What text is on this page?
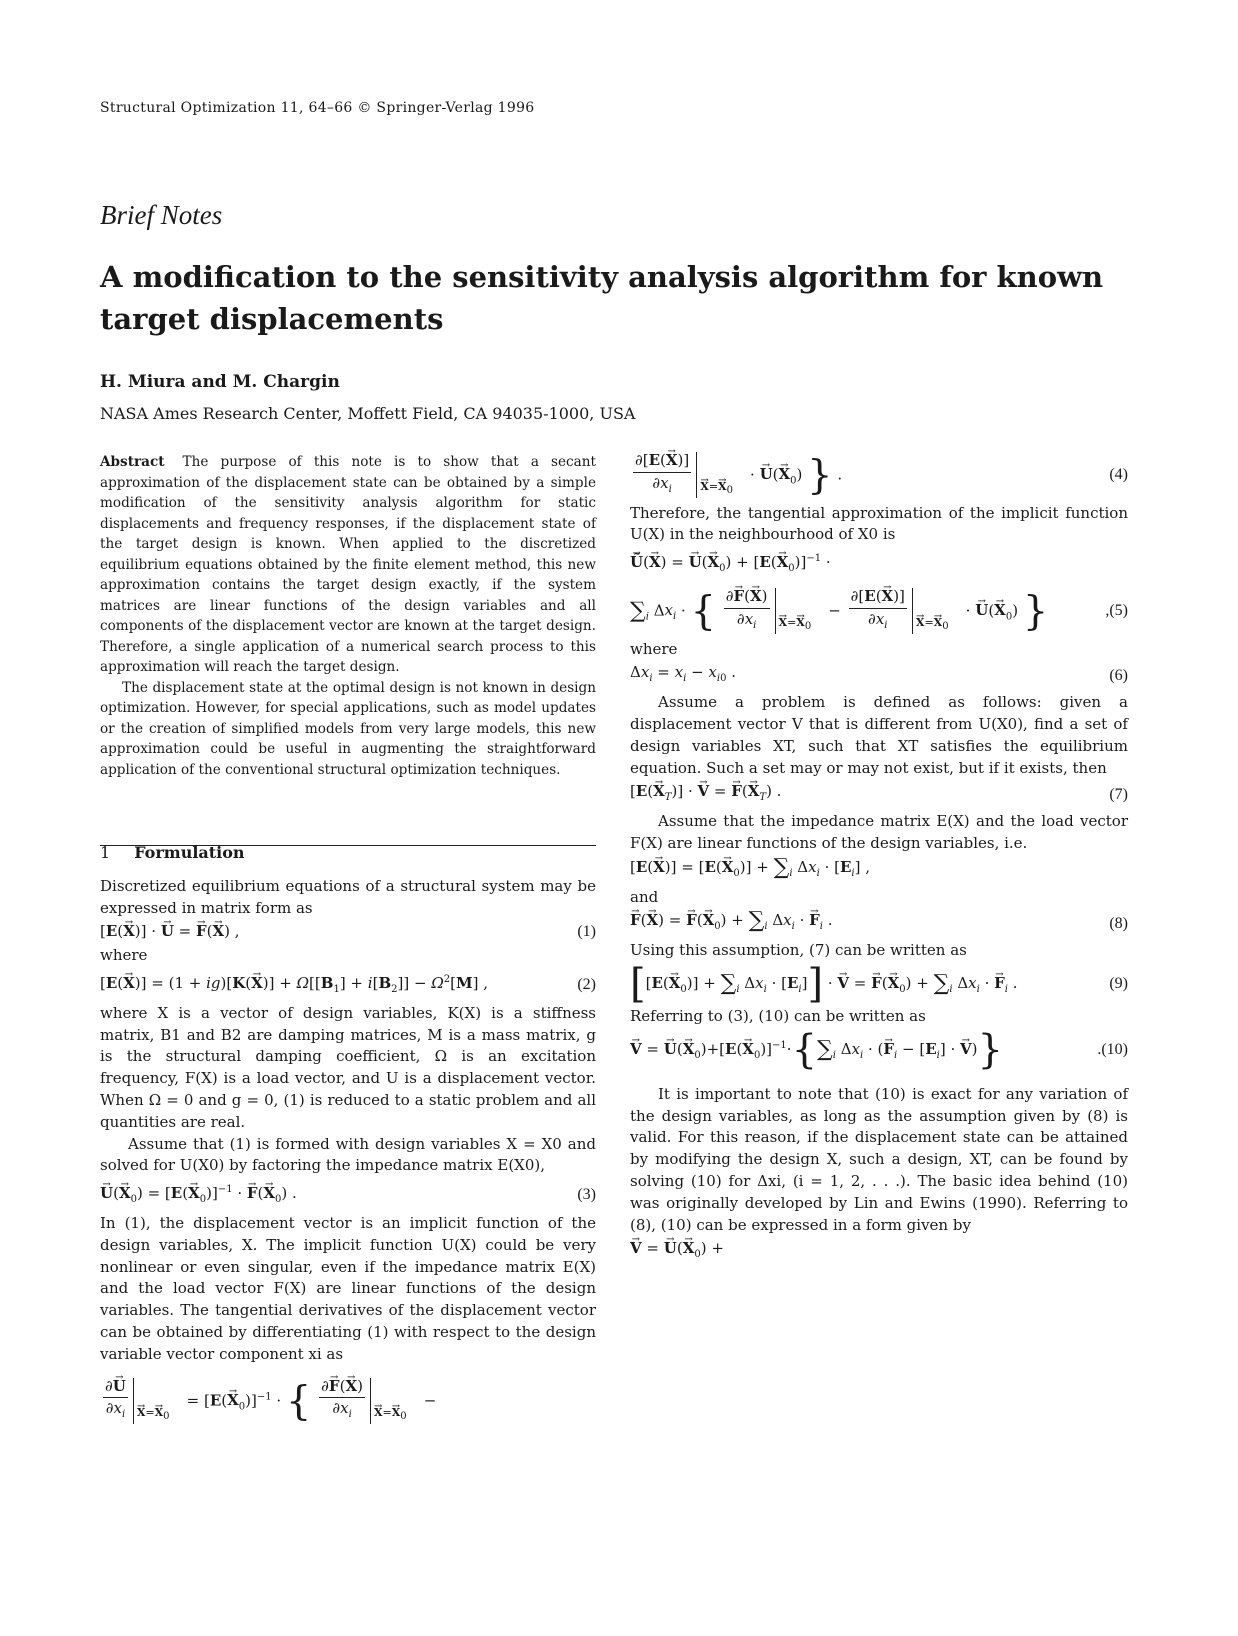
Structural Optimization 11, 64–66 © Springer-Verlag 1996
Brief Notes
A modification to the sensitivity analysis algorithm for known target displacements
H. Miura and M. Chargin
NASA Ames Research Center, Moffett Field, CA 94035-1000, USA

Abstract The purpose of this note is to show that a secant approximation of the displacement state can be obtained by a simple modification of the sensitivity analysis algorithm for static displacements and frequency responses, if the displacement state of the target design is known. When applied to the discretized equilibrium equations obtained by the finite element method, this new approximation contains the target design exactly, if the system matrices are linear functions of the design variables and all components of the displacement vector are known at the target design. Therefore, a single application of a numerical search process to this approximation will reach the target design.

The displacement state at the optimal design is not known in design optimization. However, for special applications, such as model updates or the creation of simplified models from very large models, this new approximation could be useful in augmenting the straightforward application of the conventional structural optimization techniques.

1 Formulation

Discretized equilibrium equations of a structural system may be expressed in matrix form as

[E(→ X)] · → U = → F(→ X) ,	(1)

where

$[E(\to X)] = (1 + ig)[K(\to X)] + \Omega[[B_1] + i[B_2]] - \Omega^2[M]$ ,	(2)

where X is a vector of design variables, K(X) is a stiffness matrix, B1 and B2 are damping matrices, M is a mass matrix, g is the structural damping coefficient, Ω is an excitation frequency, F(X) is a load vector, and U is a displacement vector. When Ω = 0 and g = 0, (1) is reduced to a static problem and all quantities are real.

Assume that (1) is formed with design variables X = X0 and solved for U(X0) by factoring the impedance matrix E(X0),

→ $U(\to X_0) = [E(\to X_0)]^{-1}$ · → $F(\to X_0)$ .	(3)

In (1), the displacement vector is an implicit function of the design variables, X. The implicit function U(X) could be very nonlinear or even singular, even if the impedance matrix E(X) and the load vector F(X) are linear functions of the design variables. The tangential derivatives of the displacement vector can be obtained by differentiating (1) with respect to the design variable vector component xi as

$\frac{\partial\to U}{\partial x_i}$
→ $X=\to X_0$
= $[E(\to X_0)]^{-1}$ · { $\frac{\partial\to F(\to X)}{\partial x_i}$
→ $X=\to X_0$
−
$\frac{\partial[E(\to X)]}{\partial x_i}$
→ $X=\to X_0$
· → $U(\to X_0)$ } .	(4)

Therefore, the tangential approximation of the implicit function U(X) in the neighbourhood of X0 is

→ Ũ(→ X) = → $U(\to X_0) + [E(\to X_0)]^{-1}$ ·
$\sum_i$ $\Delta x_i$ · { $\frac{\partial\to F(\to X)}{\partial x_i}$
→ $X=\to X_0$
− $\frac{\partial[E(\to X)]}{\partial x_i}$
→ $X=\to X_0$
· → $U(\to X_0)$ }	,(5)

where

$\Delta x_i = x_i - x_{i0}$ .	(6)

Assume a problem is defined as follows: given a displacement vector V that is different from U(X0), find a set of design variables XT, such that XT satisfies the equilibrium equation. Such a set may or may not exist, but if it exists, then

$[E(\to X_T)]$ · → V = → $F(\to X_T)$ .	(7)

Assume that the impedance matrix E(X) and the load vector F(X) are linear functions of the design variables, i.e.

$[E(\to X)] = [E(\to X_0)] + \sum_i$ $\Delta x_i \cdot [E_i]$ ,

and

→ F(→ X) = → $F(\to X_0) + \sum_i$ $\Delta x_i$ · → $F_i$ .	(8)

Using this assumption, (7) can be written as

[$[E(\to X_0)] + \sum_i$ $\Delta x_i \cdot [E_i]$] · → V = → $F(\to X_0) + \sum_i$ $\Delta x_i$ · → $F_i$ .	(9)

Referring to (3), (10) can be written as

→ V = → $U(\to X_0)+[E(\to X_0)]^{-1}\cdot\{\sum_i$ $\Delta x_i$ · (→ $F_i - [E_i]$ · → V)}	.(10)

It is important to note that (10) is exact for any variation of the design variables, as long as the assumption given by (8) is valid. For this reason, if the displacement state can be attained by modifying the design X, such a design, XT, can be found by solving (10) for Δxi, (i = 1, 2, . . .). The basic idea behind (10) was originally developed by Lin and Ewins (1990). Referring to (8), (10) can be expressed in a form given by

→ V = → $U(\to X_0)$ +
